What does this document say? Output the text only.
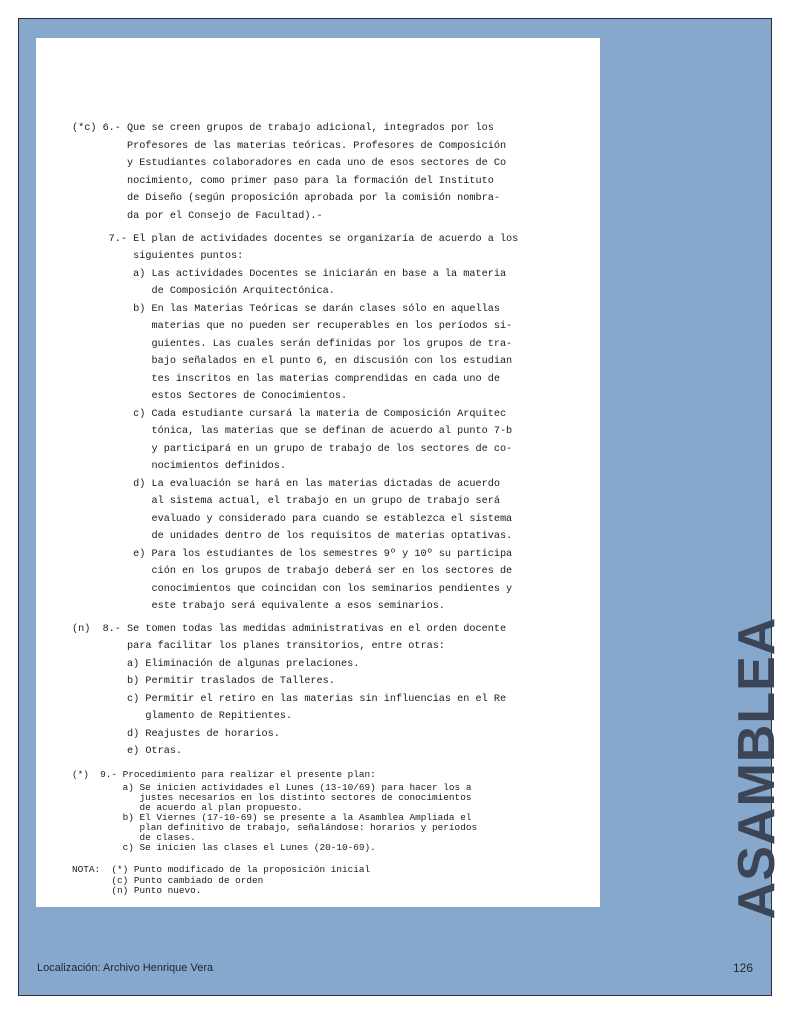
(*c) 6.- Que se creen grupos de trabajo adicional, integrados por los
Profesores de las materias teóricas. Profesores de Composición
y Estudiantes colaboradores en cada uno de esos sectores de Co
nocimiento, como primer paso para la formación del Instituto
de Diseño (según proposición aprobada por la comisión nombra-
da por el Consejo de Facultad).-
7.- El plan de actividades docentes se organizaría de acuerdo a los
siguientes puntos:
a) Las actividades Docentes se iniciarán en base a la materia
de Composición Arquitectónica.
b) En las Materias Teóricas se darán clases sólo en aquellas
materias que no pueden ser recuperables en los períodos si-
guientes. Las cuales serán definidas por los grupos de tra-
bajo señalados en el punto 6, en discusión con los estudian
tes inscritos en las materias comprendidas en cada uno de
estos Sectores de Conocimientos.
c) Cada estudiante cursará la materia de Composición Arquitec
tónica, las materias que se definan de acuerdo al punto 7-b
y participará en un grupo de trabajo de los sectores de co-
nocimientos definidos.
d) La evaluación se hará en las materias dictadas de acuerdo
al sistema actual, el trabajo en un grupo de trabajo será
evaluado y considerado para cuando se establezca el sistema
de unidades dentro de los requisitos de materias optativas.
e) Para los estudiantes de los semestres 9º y 10º su participa
ción en los grupos de trabajo deberá ser en los sectores de
conocimientos que coincidan con los seminarios pendientes y
este trabajo será equivalente a esos seminarios.
(n)  8.- Se tomen todas las medidas administrativas en el orden docente
para facilitar los planes transitorios, entre otras:
a) Eliminación de algunas prelaciones.
b) Permitir traslados de Talleres.
c) Permitir el retiro en las materias sin influencias en el Re
glamento de Repitientes.
d) Reajustes de horarios.
e) Otras.
(*)  9.- Procedimiento para realizar el presente plan:
a) Se inicien actividades el Lunes (13-10/69) para hacer los a
justes necesarios en los distinto sectores de conocimientos
de acuerdo al plan propuesto.
b) El Viernes (17-10-69) se presente a la Asamblea Ampliada el
plan definitivo de trabajo, señalándose: horarios y períodos
de clases.
c) Se inicien las clases el Lunes (20-10-69).
NOTA:  (*) Punto modificado de la proposición inicial
(c) Punto cambiado de orden
(n) Punto nuevo.	ASAMBLEA
Localización: Archivo Henrique Vera	126
